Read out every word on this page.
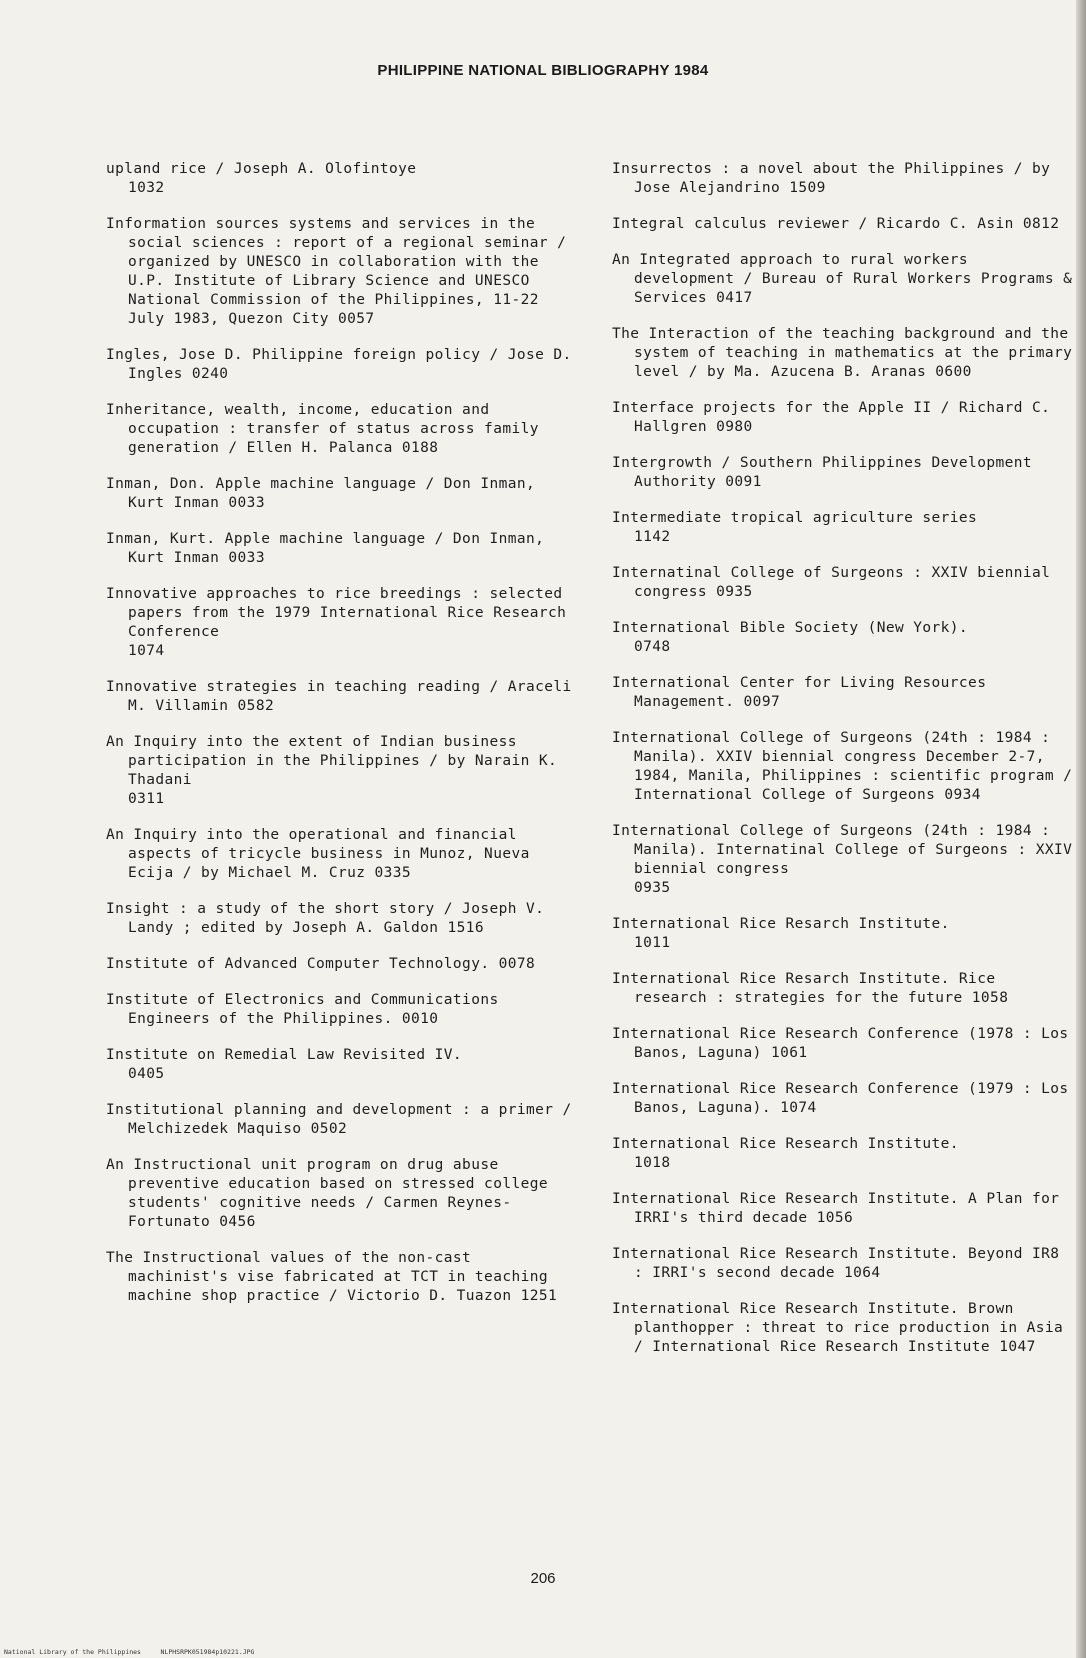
PHILIPPINE NATIONAL BIBLIOGRAPHY 1984
upland rice / Joseph A. Olofintoye
1032
Information sources systems and services in the social sciences : report of a regional seminar / organized by UNESCO in collaboration with the U.P. Institute of Library Science and UNESCO National Commission of the Philippines, 11-22 July 1983, Quezon City 0057
Ingles, Jose D. Philippine foreign policy / Jose D. Ingles 0240
Inheritance, wealth, income, education and occupation : transfer of status across family generation / Ellen H. Palanca 0188
Inman, Don. Apple machine language / Don Inman, Kurt Inman 0033
Inman, Kurt. Apple machine language / Don Inman, Kurt Inman 0033
Innovative approaches to rice breedings : selected papers from the 1979 International Rice Research Conference
1074
Innovative strategies in teaching reading / Araceli M. Villamin 0582
An Inquiry into the extent of Indian business participation in the Philippines / by Narain K. Thadani
0311
An Inquiry into the operational and financial aspects of tricycle business in Munoz, Nueva Ecija / by Michael M. Cruz 0335
Insight : a study of the short story / Joseph V. Landy ; edited by Joseph A. Galdon 1516
Institute of Advanced Computer Technology. 0078
Institute of Electronics and Communications Engineers of the Philippines. 0010
Institute on Remedial Law Revisited IV.
0405
Institutional planning and development : a primer / Melchizedek Maquiso 0502
An Instructional unit program on drug abuse preventive education based on stressed college students' cognitive needs / Carmen Reynes-Fortunato 0456
The Instructional values of the non-cast machinist's vise fabricated at TCT in teaching machine shop practice / Victorio D. Tuazon 1251
Insurrectos : a novel about the Philippines / by Jose Alejandrino 1509
Integral calculus reviewer / Ricardo C. Asin 0812
An Integrated approach to rural workers development / Bureau of Rural Workers Programs & Services 0417
The Interaction of the teaching background and the system of teaching in mathematics at the primary level / by Ma. Azucena B. Aranas 0600
Interface projects for the Apple II / Richard C. Hallgren 0980
Intergrowth / Southern Philippines Development Authority 0091
Intermediate tropical agriculture series
1142
Internatinal College of Surgeons : XXIV biennial congress 0935
International Bible Society (New York).
0748
International Center for Living Resources Management. 0097
International College of Surgeons (24th : 1984 : Manila). XXIV biennial congress December 2-7, 1984, Manila, Philippines : scientific program / International College of Surgeons 0934
International College of Surgeons (24th : 1984 : Manila). Internatinal College of Surgeons : XXIV biennial congress
0935
International Rice Resarch Institute.
1011
International Rice Resarch Institute. Rice research : strategies for the future 1058
International Rice Research Conference (1978 : Los Banos, Laguna) 1061
International Rice Research Conference (1979 : Los Banos, Laguna). 1074
International Rice Research Institute.
1018
International Rice Research Institute. A Plan for IRRI's third decade 1056
International Rice Research Institute. Beyond IR8 : IRRI's second decade 1064
International Rice Research Institute. Brown planthopper : threat to rice production in Asia / International Rice Research Institute 1047
206
National Library of the Philippines     NLPHSRPK051984p10221.JPG
